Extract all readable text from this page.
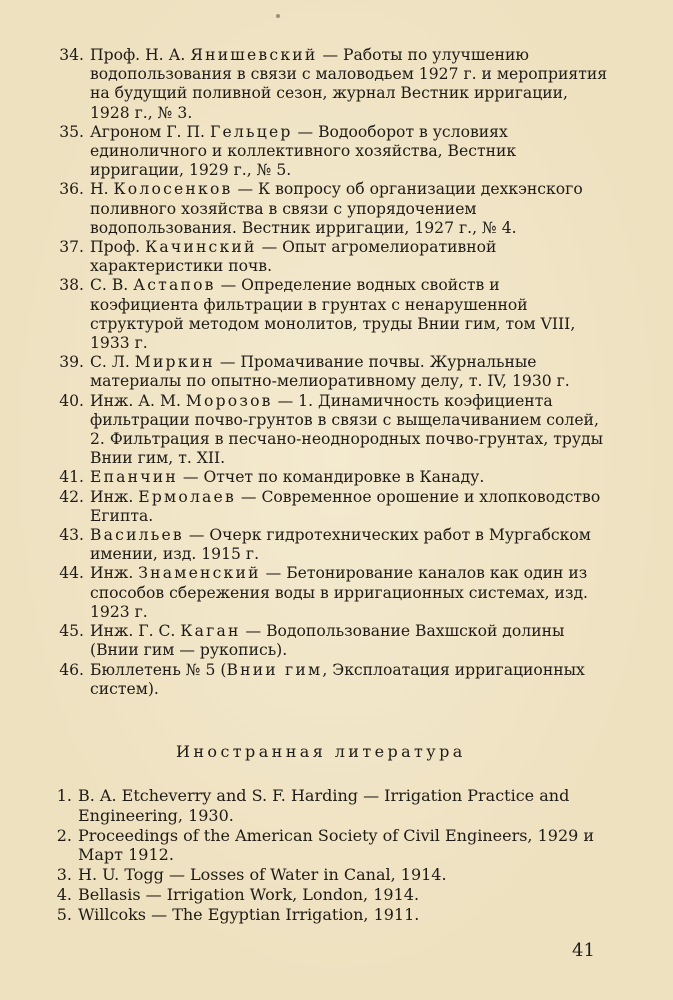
34. Проф. Н. А. Янишевский — Работы по улучшению водопользования в связи с маловодьем 1927 г. и мероприятия на будущий поливной сезон, журнал Вестник ирригации, 1928 г., № 3.
35. Агроном Г. П. Гельцер — Водооборот в условиях единоличного и коллективного хозяйства, Вестник ирригации, 1929 г., № 5.
36. Н. Колосенков — К вопросу об организации дехкэнского поливного хозяйства в связи с упорядочением водопользования. Вестник ирригации, 1927 г., № 4.
37. Проф. Качинский — Опыт агромелиоративной характеристики почв.
38. С. В. Астапов — Определение водных свойств и коэфициента фильтрации в грунтах с ненарушенной структурой методом монолитов, труды Внии гим, том VIII, 1933 г.
39. С. Л. Миркин — Промачивание почвы. Журнальные материалы по опытно-мелиоративному делу, т. IV, 1930 г.
40. Инж. А. М. Морозов — 1. Динамичность коэфициента фильтрации почво-грунтов в связи с выщелачиванием солей, 2. Фильтрация в песчано-неоднородных почво-грунтах, труды Внии гим, т. XII.
41. Епанчин — Отчет по командировке в Канаду.
42. Инж. Ермолаев — Современное орошение и хлопководство Египта.
43. Васильев — Очерк гидротехнических работ в Мургабском имении, изд. 1915 г.
44. Инж. Знаменский — Бетонирование каналов как один из способов сбережения воды в ирригационных системах, изд. 1923 г.
45. Инж. Г. С. Каган — Водопользование Вахшской долины (Внии гим — рукопись).
46. Бюллетень № 5 (Внии гим, Эксплоатация ирригационных систем).
Иностранная литература
1. B. A. Etcheverry and S. F. Harding — Irrigation Practice and Engineering, 1930.
2. Proceedings of the American Society of Civil Engineers, 1929 и Март 1912.
3. H. U. Togg — Losses of Water in Canal, 1914.
4. Bellasis — Irrigation Work, London, 1914.
5. Willcoks — The Egyptian Irrigation, 1911.
41
